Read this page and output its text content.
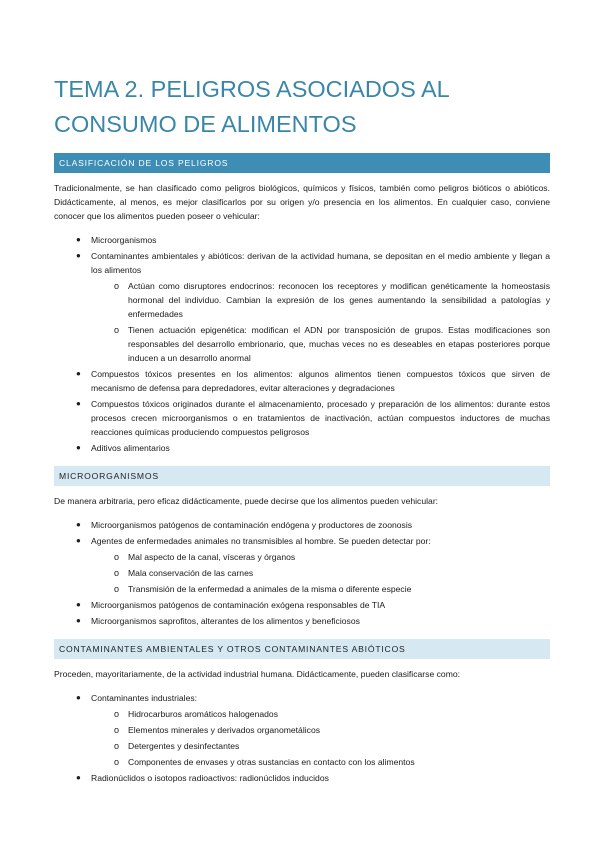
TEMA 2. PELIGROS ASOCIADOS AL CONSUMO DE ALIMENTOS
CLASIFICACIÓN DE LOS PELIGROS

Tradicionalmente, se han clasificado como peligros biológicos, químicos y físicos, también como peligros bióticos o abióticos. Didácticamente, al menos, es mejor clasificarlos por su origen y/o presencia en los alimentos. En cualquier caso, conviene conocer que los alimentos pueden poseer o vehicular:

● Microorganismos
● Contaminantes ambientales y abióticos: derivan de la actividad humana, se depositan en el medio ambiente y llegan a los alimentos
o Actúan como disruptores endocrinos: reconocen los receptores y modifican genéticamente la homeostasis hormonal del individuo. Cambian la expresión de los genes aumentando la sensibilidad a patologías y enfermedades
o Tienen actuación epigenética: modifican el ADN por transposición de grupos. Estas modificaciones son responsables del desarrollo embrionario, que, muchas veces no es deseables en etapas posteriores porque inducen a un desarrollo anormal
● Compuestos tóxicos presentes en los alimentos: algunos alimentos tienen compuestos tóxicos que sirven de mecanismo de defensa para depredadores, evitar alteraciones y degradaciones
● Compuestos tóxicos originados durante el almacenamiento, procesado y preparación de los alimentos: durante estos procesos crecen microorganismos o en tratamientos de inactivación, actúan compuestos inductores de muchas reacciones químicas produciendo compuestos peligrosos
● Aditivos alimentarios
MICROORGANISMOS

De manera arbitraria, pero eficaz didácticamente, puede decirse que los alimentos pueden vehicular:

● Microorganismos patógenos de contaminación endógena y productores de zoonosis
● Agentes de enfermedades animales no transmisibles al hombre. Se pueden detectar por:
o Mal aspecto de la canal, vísceras y órganos
o Mala conservación de las carnes
o Transmisión de la enfermedad a animales de la misma o diferente especie
● Microorganismos patógenos de contaminación exógena responsables de TIA
● Microorganismos saprofitos, alterantes de los alimentos y beneficiosos
CONTAMINANTES AMBIENTALES Y OTROS CONTAMINANTES ABIÓTICOS

Proceden, mayoritariamente, de la actividad industrial humana. Didácticamente, pueden clasificarse como:

● Contaminantes industriales:
o Hidrocarburos aromáticos halogenados
o Elementos minerales y derivados organometálicos
o Detergentes y desinfectantes
o Componentes de envases y otras sustancias en contacto con los alimentos
● Radionúclidos o isotopos radioactivos: radionúclidos inducidos
